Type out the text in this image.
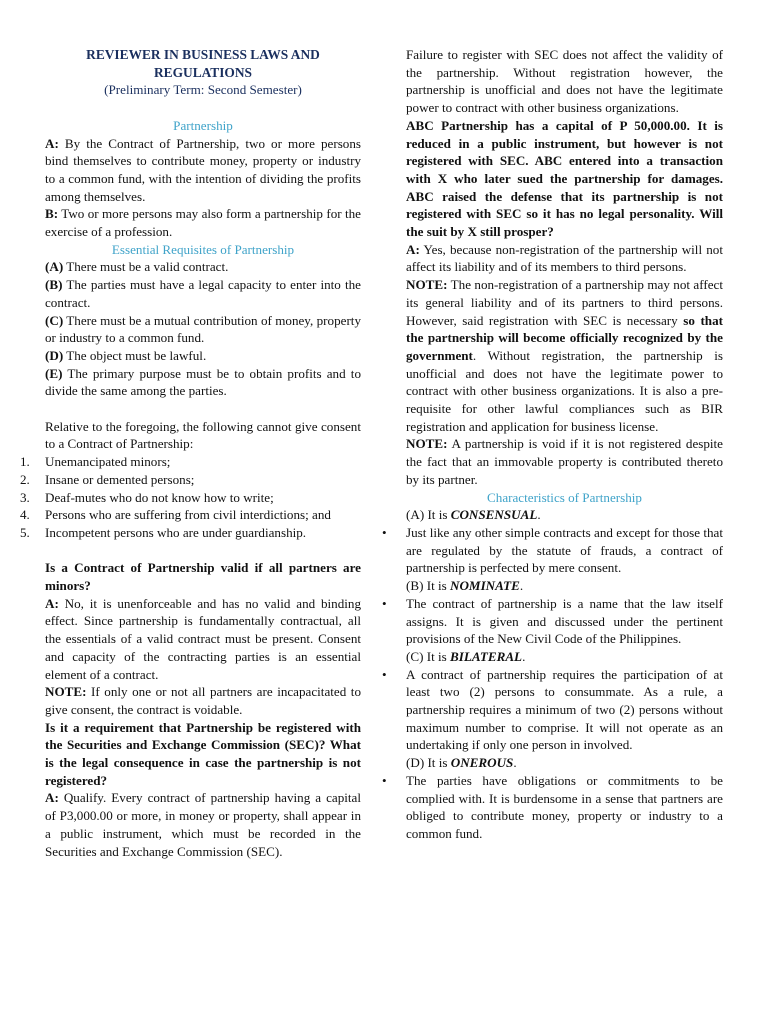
REVIEWER IN BUSINESS LAWS AND REGULATIONS

(Preliminary Term: Second Semester)

Partnership

A: By the Contract of Partnership, two or more persons bind themselves to contribute money, property or industry to a common fund, with the intention of dividing the profits among themselves.

B: Two or more persons may also form a partnership for the exercise of a profession.

Essential Requisites of Partnership

(A) There must be a valid contract.

(B) The parties must have a legal capacity to enter into the contract.

(C) There must be a mutual contribution of money, property or industry to a common fund.

(D) The object must be lawful.

(E) The primary purpose must be to obtain profits and to divide the same among the parties.

Relative to the foregoing, the following cannot give consent to a Contract of Partnership:

1. Unemancipated minors;
2. Insane or demented persons;
3. Deaf-mutes who do not know how to write;
4. Persons who are suffering from civil interdictions; and
5. Incompetent persons who are under guardianship.

Is a Contract of Partnership valid if all partners are minors?

A: No, it is unenforceable and has no valid and binding effect. Since partnership is fundamentally contractual, all the essentials of a valid contract must be present. Consent and capacity of the contracting parties is an essential element of a contract.

NOTE: If only one or not all partners are incapacitated to give consent, the contract is voidable.

Is it a requirement that Partnership be registered with the Securities and Exchange Commission (SEC)? What is the legal consequence in case the partnership is not registered?

A: Qualify. Every contract of partnership having a capital of P3,000.00 or more, in money or property, shall appear in a public instrument, which must be recorded in the Securities and Exchange Commission (SEC).

Failure to register with SEC does not affect the validity of the partnership. Without registration however, the partnership is unofficial and does not have the legitimate power to contract with other business organizations.

ABC Partnership has a capital of P 50,000.00. It is reduced in a public instrument, but however is not registered with SEC. ABC entered into a transaction with X who later sued the partnership for damages. ABC raised the defense that its partnership is not registered with SEC so it has no legal personality. Will the suit by X still prosper?

A: Yes, because non-registration of the partnership will not affect its liability and of its members to third persons.

NOTE: The non-registration of a partnership may not affect its general liability and of its partners to third persons. However, said registration with SEC is necessary so that the partnership will become officially recognized by the government. Without registration, the partnership is unofficial and does not have the legitimate power to contract with other business organizations. It is also a pre-requisite for other lawful compliances such as BIR registration and application for business license.

NOTE: A partnership is void if it is not registered despite the fact that an immovable property is contributed thereto by its partner.

Characteristics of Partnership

(A) It is CONSENSUAL.

• Just like any other simple contracts and except for those that are regulated by the statute of frauds, a contract of partnership is perfected by mere consent.

(B) It is NOMINATE.

• The contract of partnership is a name that the law itself assigns. It is given and discussed under the pertinent provisions of the New Civil Code of the Philippines.

(C) It is BILATERAL.

• A contract of partnership requires the participation of at least two (2) persons to consummate. As a rule, a partnership requires a minimum of two (2) persons without maximum number to comprise. It will not operate as an undertaking if only one person in involved.

(D) It is ONEROUS.

• The parties have obligations or commitments to be complied with. It is burdensome in a sense that partners are obliged to contribute money, property or industry to a common fund.
